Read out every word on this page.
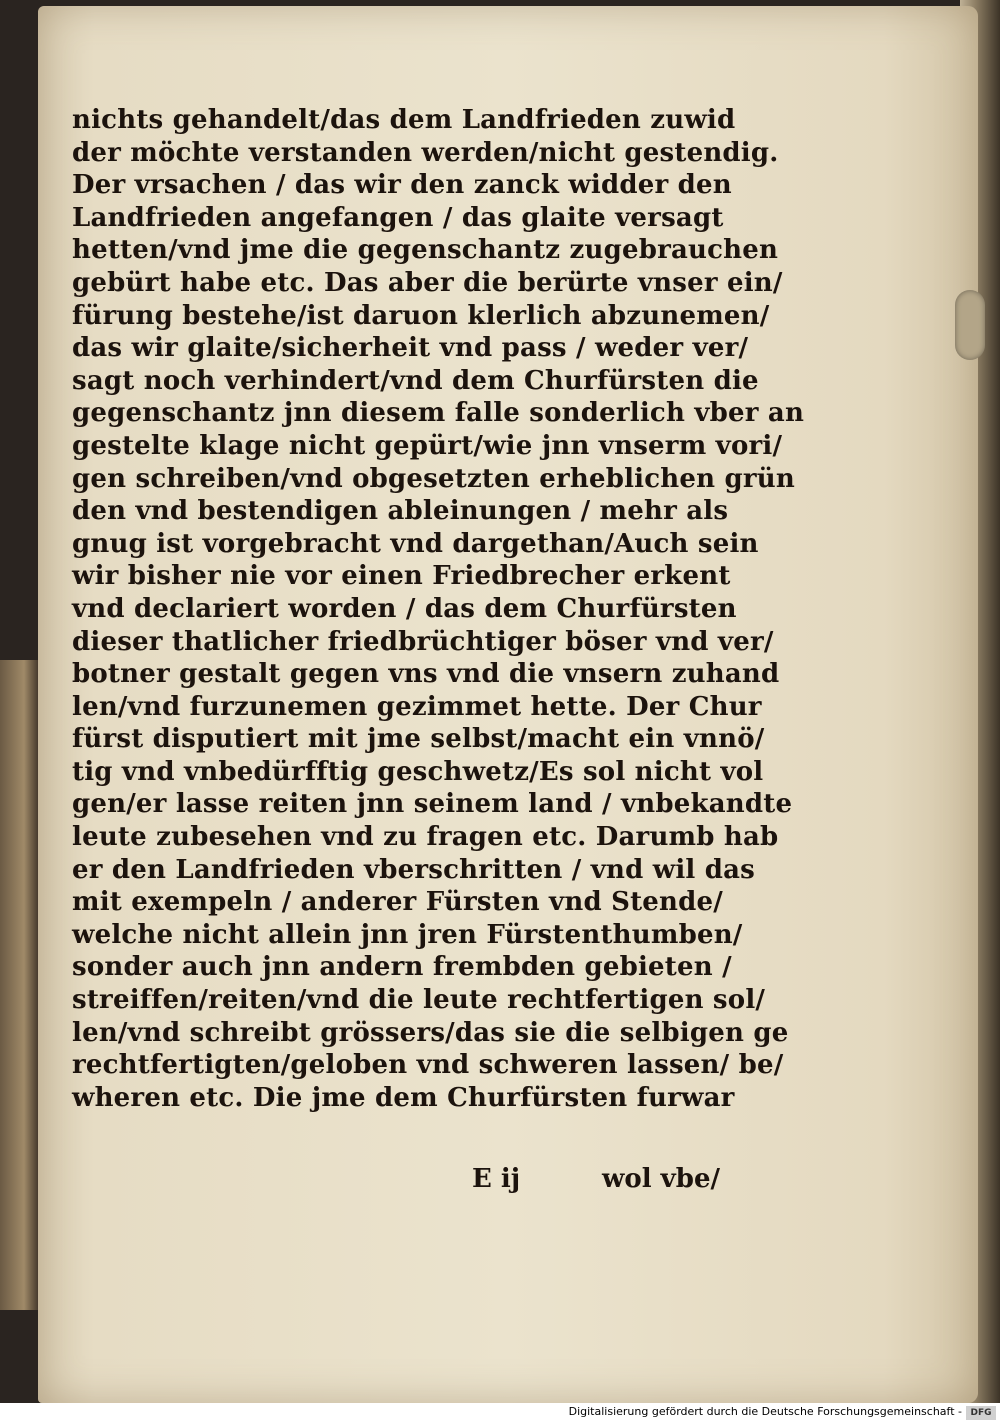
nichts gehandelt/das dem Landfrieden zuwid
der möchte verstanden werden/nicht gestendig.
Der vrsachen / das wir den zanck widder den
Landfrieden angefangen / das glaite versagt
hetten/vnd jme die gegenschantz zugebrauchen
gebürt habe etc. Das aber die berürte vnser ein/
fürung bestehe/ist daruon klerlich abzunemen/
das wir glaite/sicherheit vnd pass / weder ver/
sagt noch verhindert/vnd dem Churfürsten die
gegenschantz jnn diesem falle sonderlich vber an
gestelte klage nicht gepürt/wie jnn vnserm vori/
gen schreiben/vnd obgesetzten erheblichen grün
den vnd bestendigen ableinungen / mehr als
gnug ist vorgebracht vnd dargethan/Auch sein
wir bisher nie vor einen Friedbrecher erkent
vnd declariert worden / das dem Churfürsten
dieser thatlicher friedbrüchtiger böser vnd ver/
botner gestalt gegen vns vnd die vnsern zuhand
len/vnd furzunemen gezimmet hette. Der Chur
fürst disputiert mit jme selbst/macht ein vnnö/
tig vnd vnbedürfftig geschwetz/Es sol nicht vol
gen/er lasse reiten jnn seinem land / vnbekandte
leute zubesehen vnd zu fragen etc. Darumb hab
er den Landfrieden vberschritten / vnd wil das
mit exempeln / anderer Fürsten vnd Stende/
welche nicht allein jnn jren Fürstenthumben/
sonder auch jnn andern frembden gebieten /
streiffen/reiten/vnd die leute rechtfertigen sol/
len/vnd schreibt grössers/das sie die selbigen ge
rechtfertigten/geloben vnd schweren lassen/ be/
wheren etc. Die jme dem Churfürsten furwar
E ij	wol vbe/
Digitalisierung gefördert durch die Deutsche Forschungsgemeinschaft - DFG
